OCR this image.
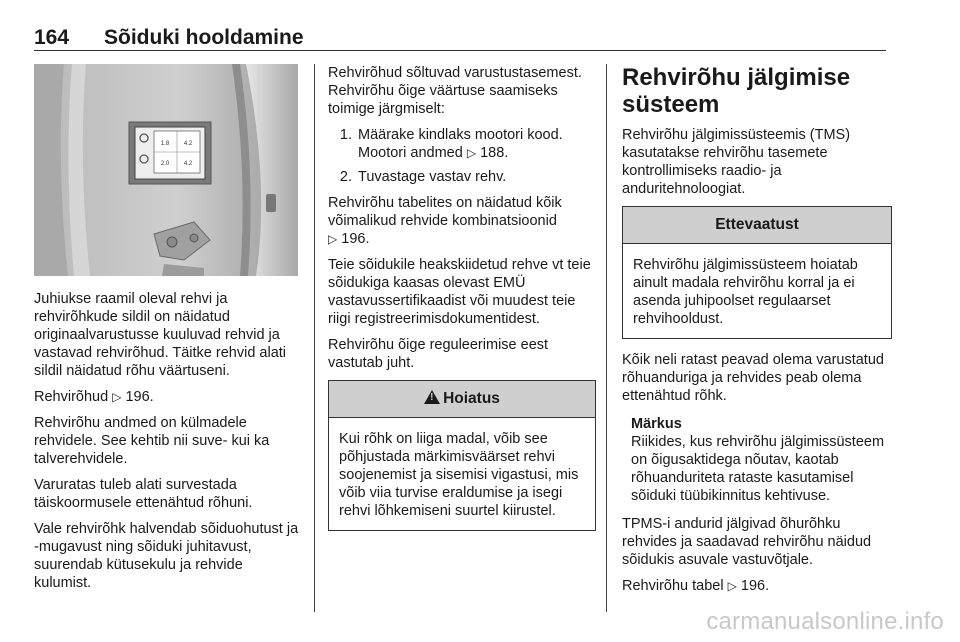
164 Sõiduki hooldamine
1.8 4.2
2.0 4.2

Juhiukse raamil oleval rehvi ja rehvirõhkude sildil on näidatud originaalvarustusse kuuluvad rehvid ja vastavad rehvirõhud. Täitke rehvid alati sildil näidatud rõhu väärtuseni.

Rehvirõhud ▷ 196.

Rehvirõhu andmed on külmadele rehvidele. See kehtib nii suve- kui ka talverehvidele.

Varuratas tuleb alati survestada täiskoormusele ettenähtud rõhuni.

Vale rehvirõhk halvendab sõiduohutust ja -mugavust ning sõiduki juhitavust, suurendab kütusekulu ja rehvide kulumist.

Rehvirõhud sõltuvad varustustasemest. Rehvirõhu õige väärtuse saamiseks toimige järgmiselt:

1. Määrake kindlaks mootori kood. Mootori andmed ▷ 188.
2. Tuvastage vastav rehv.

Rehvirõhu tabelites on näidatud kõik võimalikud rehvide kombinatsioonid
▷ 196.

Teie sõidukile heakskiidetud rehve vt teie sõidukiga kaasas olevast EMÜ vastavussertifikaadist või muudest teie riigi registreerimisdokumentidest.

Rehvirõhu õige reguleerimise eest vastutab juht.

!Hoiatus

Kui rõhk on liiga madal, võib see põhjustada märkimisväärset rehvi soojenemist ja sisemisi vigastusi, mis võib viia turvise eraldumise ja isegi rehvi lõhkemiseni suurtel kiirustel.

Rehvirõhu jälgimise süsteem

Rehvirõhu jälgimissüsteemis (TMS) kasutatakse rehvirõhu tasemete kontrollimiseks raadio- ja anduritehnoloogiat.

Ettevaatust

Rehvirõhu jälgimissüsteem hoiatab ainult madala rehvirõhu korral ja ei asenda juhipoolset regulaarset rehvihooldust.

Kõik neli ratast peavad olema varustatud rõhuanduriga ja rehvides peab olema ettenähtud rõhk.

Märkus
Riikides, kus rehvirõhu jälgimissüsteem on õigusaktidega nõutav, kaotab rõhuanduriteta rataste kasutamisel sõiduki tüübikinnitus kehtivuse.

TPMS-i andurid jälgivad õhurõhku rehvides ja saadavad rehvirõhu näidud sõidukis asuvale vastuvõtjale.

Rehvirõhu tabel ▷ 196.

carmanualsonline.info
